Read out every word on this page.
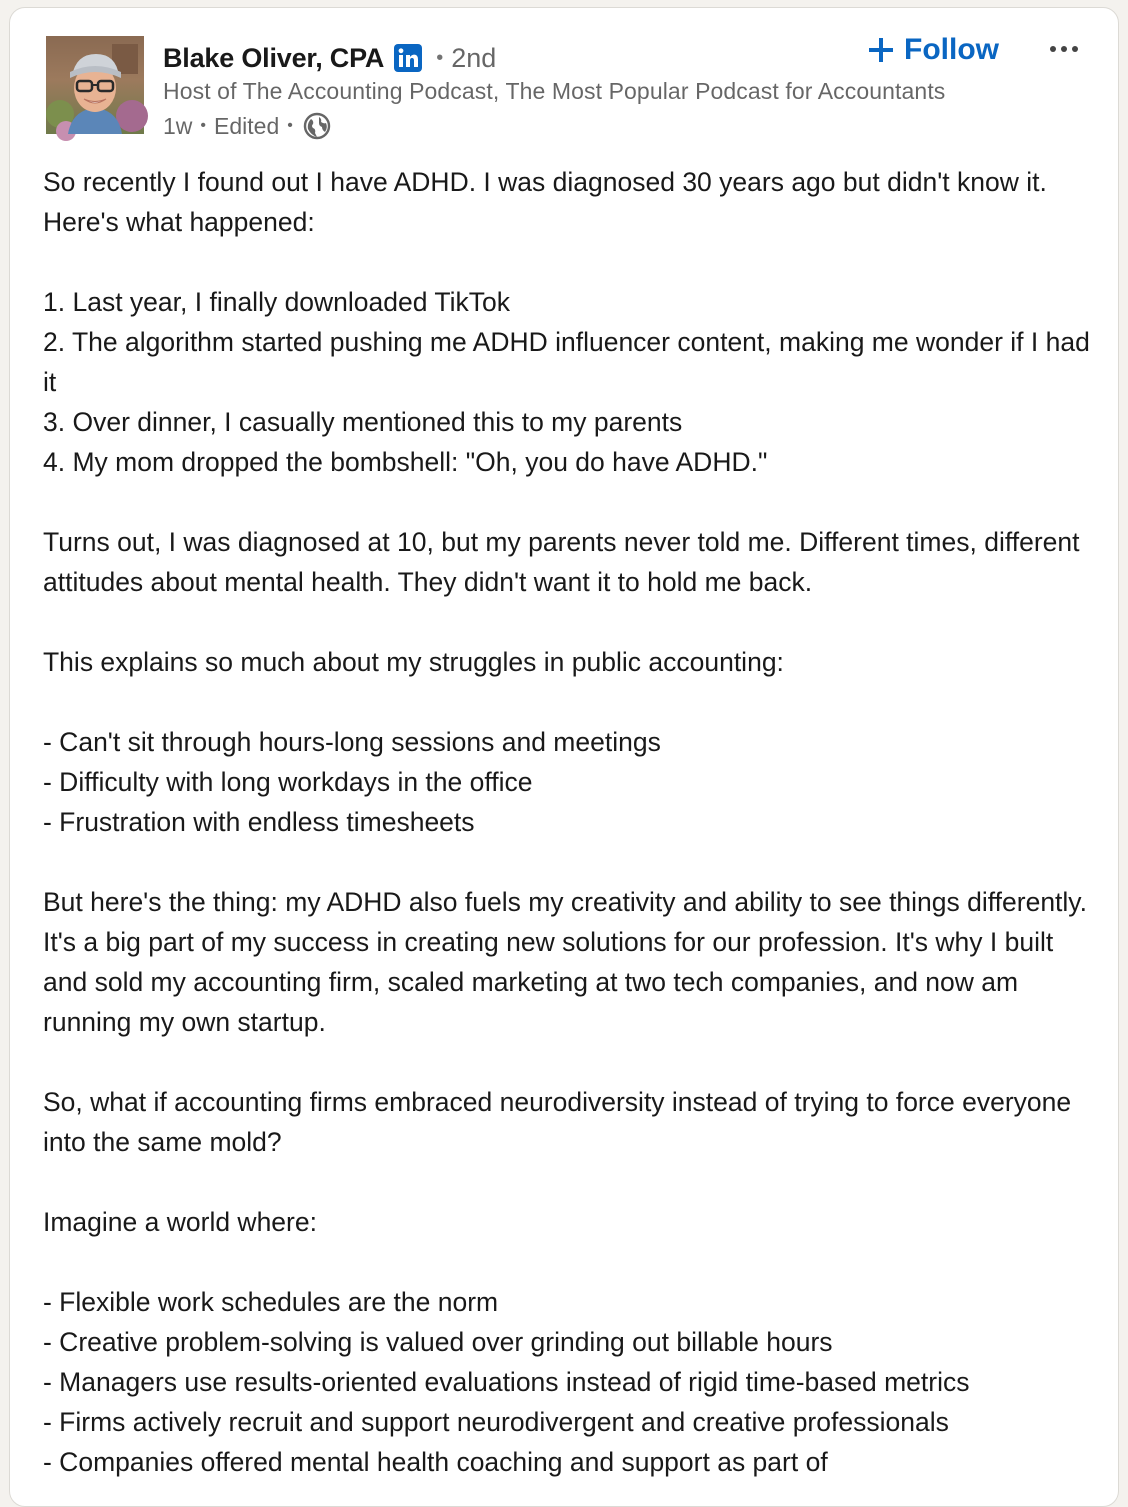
Blake Oliver, CPA	• 2nd
Host of The Accounting Podcast, The Most Popular Podcast for Accountants
1w • Edited •
Follow

So recently I found out I have ADHD. I was diagnosed 30 years ago but didn't know it. Here's what happened:

1. Last year, I finally downloaded TikTok
2. The algorithm started pushing me ADHD influencer content, making me wonder if I had it
3. Over dinner, I casually mentioned this to my parents
4. My mom dropped the bombshell: "Oh, you do have ADHD."

Turns out, I was diagnosed at 10, but my parents never told me. Different times, different attitudes about mental health. They didn't want it to hold me back.

This explains so much about my struggles in public accounting:

- Can't sit through hours-long sessions and meetings
- Difficulty with long workdays in the office
- Frustration with endless timesheets

But here's the thing: my ADHD also fuels my creativity and ability to see things differently. It's a big part of my success in creating new solutions for our profession. It's why I built and sold my accounting firm, scaled marketing at two tech companies, and now am running my own startup.

So, what if accounting firms embraced neurodiversity instead of trying to force everyone into the same mold?

Imagine a world where:

- Flexible work schedules are the norm
- Creative problem-solving is valued over grinding out billable hours
- Managers use results-oriented evaluations instead of rigid time-based metrics
- Firms actively recruit and support neurodivergent and creative professionals
- Companies offered mental health coaching and support as part of
